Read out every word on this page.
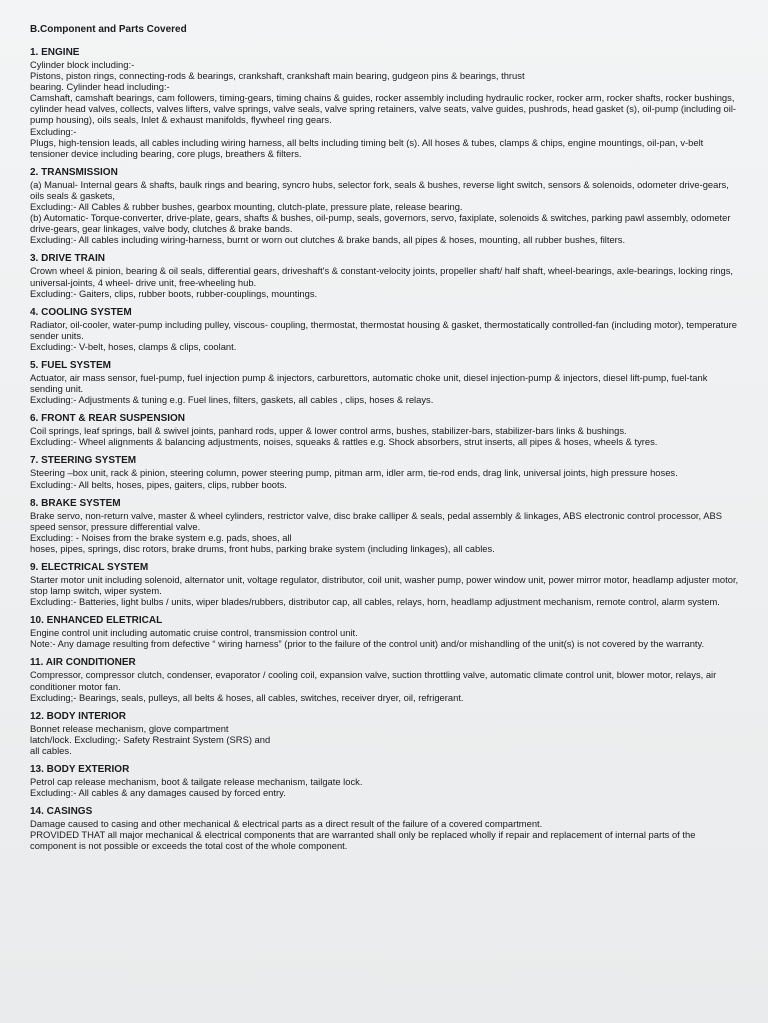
B.Component and Parts Covered

1. ENGINE

Cylinder block including:-

Pistons, piston rings, connecting-rods & bearings, crankshaft, crankshaft main bearing, gudgeon pins & bearings, thrust

bearing. Cylinder head including:-

Camshaft, camshaft bearings, cam followers, timing-gears, timing chains & guides, rocker assembly including hydraulic rocker, rocker arm, rocker shafts, rocker bushings, cylinder head valves, collects, valves lifters, valve springs, valve seals, valve spring retainers, valve seats, valve guides, pushrods, head gasket (s), oil-pump (including oil-pump housing), oils seals, Inlet & exhaust manifolds, flywheel ring gears.

Excluding:-

Plugs, high-tension leads, all cables including wiring harness, all belts including timing belt (s). All hoses & tubes, clamps & chips, engine mountings, oil-pan, v-belt tensioner device including bearing, core plugs, breathers & filters.

2. TRANSMISSION

(a) Manual- Internal gears & shafts, baulk rings and bearing, syncro hubs, selector fork, seals & bushes, reverse light switch, sensors & solenoids, odometer drive-gears, oils seals & gaskets,

Excluding:- All Cables & rubber bushes, gearbox mounting, clutch-plate, pressure plate, release bearing.

(b) Automatic- Torque-converter, drive-plate, gears, shafts & bushes, oil-pump, seals, governors, servo, faxiplate, solenoids & switches, parking pawl assembly, odometer drive-gears, gear linkages, valve body, clutches & brake bands.

Excluding:- All cables including wiring-harness, burnt or worn out clutches & brake bands, all pipes & hoses, mounting, all rubber bushes, filters.

3. DRIVE TRAIN

Crown wheel & pinion, bearing & oil seals, differential gears, driveshaft's & constant-velocity joints, propeller shaft/ half shaft, wheel-bearings, axle-bearings, locking rings, universal-joints, 4 wheel- drive unit, free-wheeling hub.

Excluding:- Gaiters, clips, rubber boots, rubber-couplings, mountings.

4. COOLING SYSTEM

Radiator, oil-cooler, water-pump including pulley, viscous- coupling, thermostat, thermostat housing & gasket, thermostatically controlled-fan (including motor), temperature sender units.

Excluding:- V-belt, hoses, clamps & clips, coolant.

5. FUEL SYSTEM

Actuator, air mass sensor, fuel-pump, fuel injection pump & injectors, carburettors, automatic choke unit, diesel injection-pump & injectors, diesel lift-pump, fuel-tank sending unit.

Excluding:- Adjustments & tuning e.g. Fuel lines, filters, gaskets, all cables , clips, hoses & relays.

6. FRONT & REAR SUSPENSION

Coil springs, leaf springs, ball & swivel joints, panhard rods, upper & lower control arms, bushes, stabilizer-bars, stabilizer-bars links & bushings.

Excluding:- Wheel alignments & balancing adjustments, noises, squeaks & rattles e.g. Shock absorbers, strut inserts, all pipes & hoses, wheels & tyres.

7. STEERING SYSTEM

Steering –box unit, rack & pinion, steering column, power steering pump, pitman arm, idler arm, tie-rod ends, drag link, universal joints, high pressure hoses.

Excluding:- All belts, hoses, pipes, gaiters, clips, rubber boots.

8. BRAKE SYSTEM

Brake servo, non-return valve, master & wheel cylinders, restrictor valve, disc brake calliper & seals, pedal assembly & linkages, ABS electronic control processor, ABS speed sensor, pressure differential valve.

Excluding: - Noises from the brake system e.g. pads, shoes, all

hoses, pipes, springs, disc rotors, brake drums, front hubs, parking brake system (including linkages), all cables.

9. ELECTRICAL SYSTEM

Starter motor unit including solenoid, alternator unit, voltage regulator, distributor, coil unit, washer pump, power window unit, power mirror motor, headlamp adjuster motor, stop lamp switch, wiper system.

Excluding:- Batteries, light bulbs / units, wiper blades/rubbers, distributor cap, all cables, relays, horn, headlamp adjustment mechanism, remote control, alarm system.

10. ENHANCED ELETRICAL

Engine control unit including automatic cruise control, transmission control unit.

Note:- Any damage resulting from defective “ wiring harness” (prior to the failure of the control unit) and/or mishandling of the unit(s) is not covered by the warranty.

11. AIR CONDITIONER

Compressor, compressor clutch, condenser, evaporator / cooling coil, expansion valve, suction throttling valve, automatic climate control unit, blower motor, relays, air conditioner motor fan.

Excluding;- Bearings, seals, pulleys, all belts & hoses, all cables, switches, receiver dryer, oil, refrigerant.

12. BODY INTERIOR

Bonnet release mechanism, glove compartment

latch/lock. Excluding;- Safety Restraint System (SRS) and

all cables.

13. BODY EXTERIOR

Petrol cap release mechanism, boot & tailgate release mechanism, tailgate lock.

Excluding:- All cables & any damages caused by forced entry.

14. CASINGS

Damage caused to casing and other mechanical & electrical parts as a direct result of the failure of a covered compartment.

PROVIDED THAT all major mechanical & electrical components that are warranted shall only be replaced wholly if repair and replacement of internal parts of the component is not possible or exceeds the total cost of the whole component.
